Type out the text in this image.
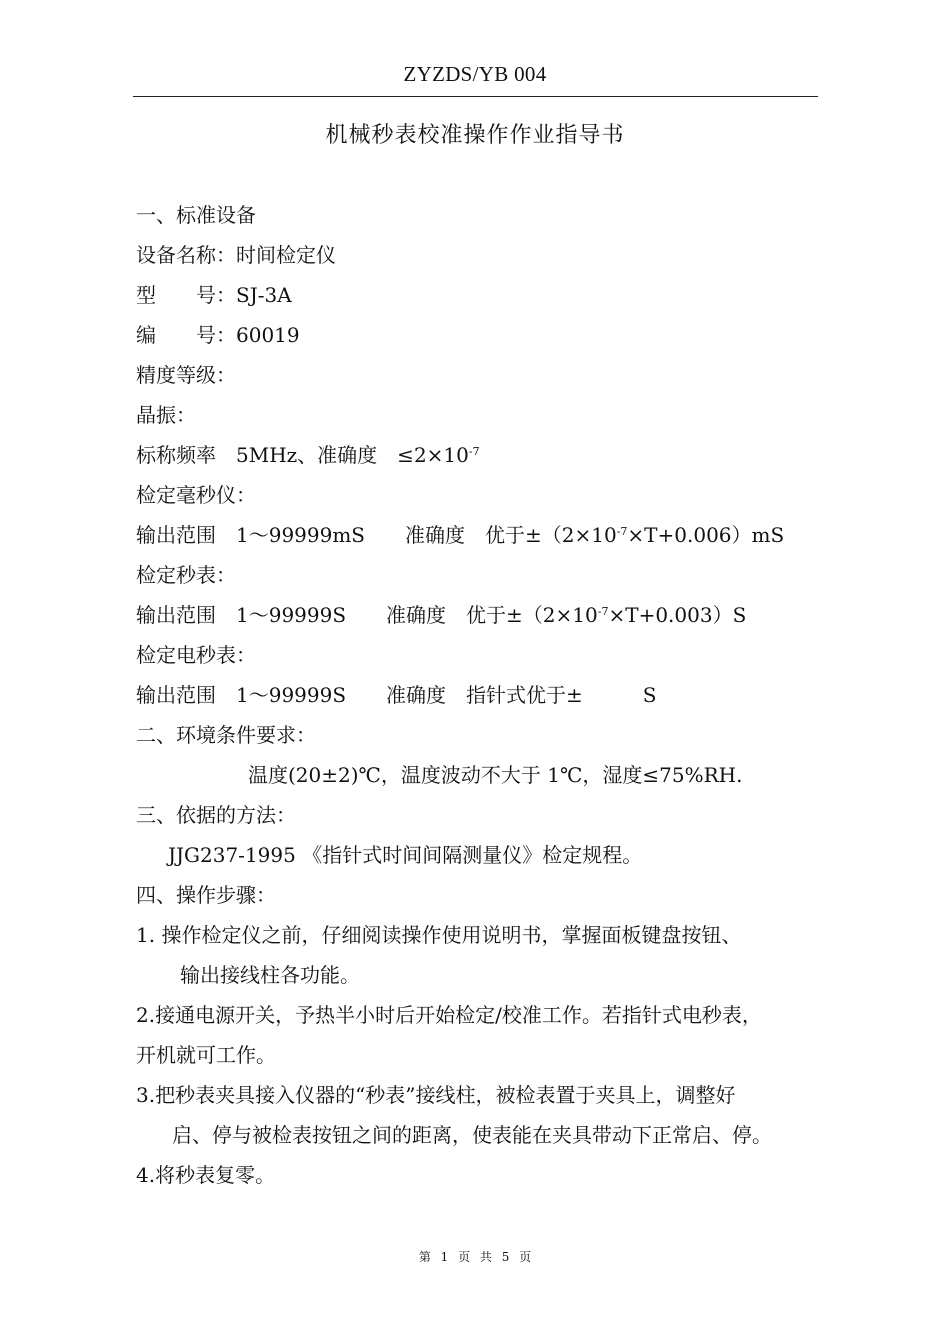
ZYZDS/YB 004
机械秒表校准操作作业指导书
一、标准设备
设备名称：时间检定仪
型　　号：SJ-3A
编　　号：60019
精度等级：
晶振：
标称频率　5MHz、准确度　$\le 2\times 10^{-7}$
检定毫秒仪：
输出范围　1～99999mS　　准确度　优于$\pm(2\times 10^{-7}\times T+0.006)mS$
检定秒表：
输出范围　1～99999S　　准确度　优于$\pm(2\times 10^{-7}\times T+0.003)S$
检定电秒表：
输出范围　1～99999S　　准确度　指针式优于±　　　S
二、环境条件要求：
温度(20±2)℃，温度波动不大于 1℃，湿度≤75%RH.
三、依据的方法：
JJG237-1995 《指针式时间间隔测量仪》检定规程。
四、操作步骤：
1. 操作检定仪之前，仔细阅读操作使用说明书，掌握面板键盘按钮、
输出接线柱各功能。
2.接通电源开关，予热半小时后开始检定/校准工作。若指针式电秒表，
开机就可工作。
3.把秒表夹具接入仪器的“秒表”接线柱，被检表置于夹具上，调整好
启、停与被检表按钮之间的距离，使表能在夹具带动下正常启、停。
4.将秒表复零。
第 1 页 共 5 页
